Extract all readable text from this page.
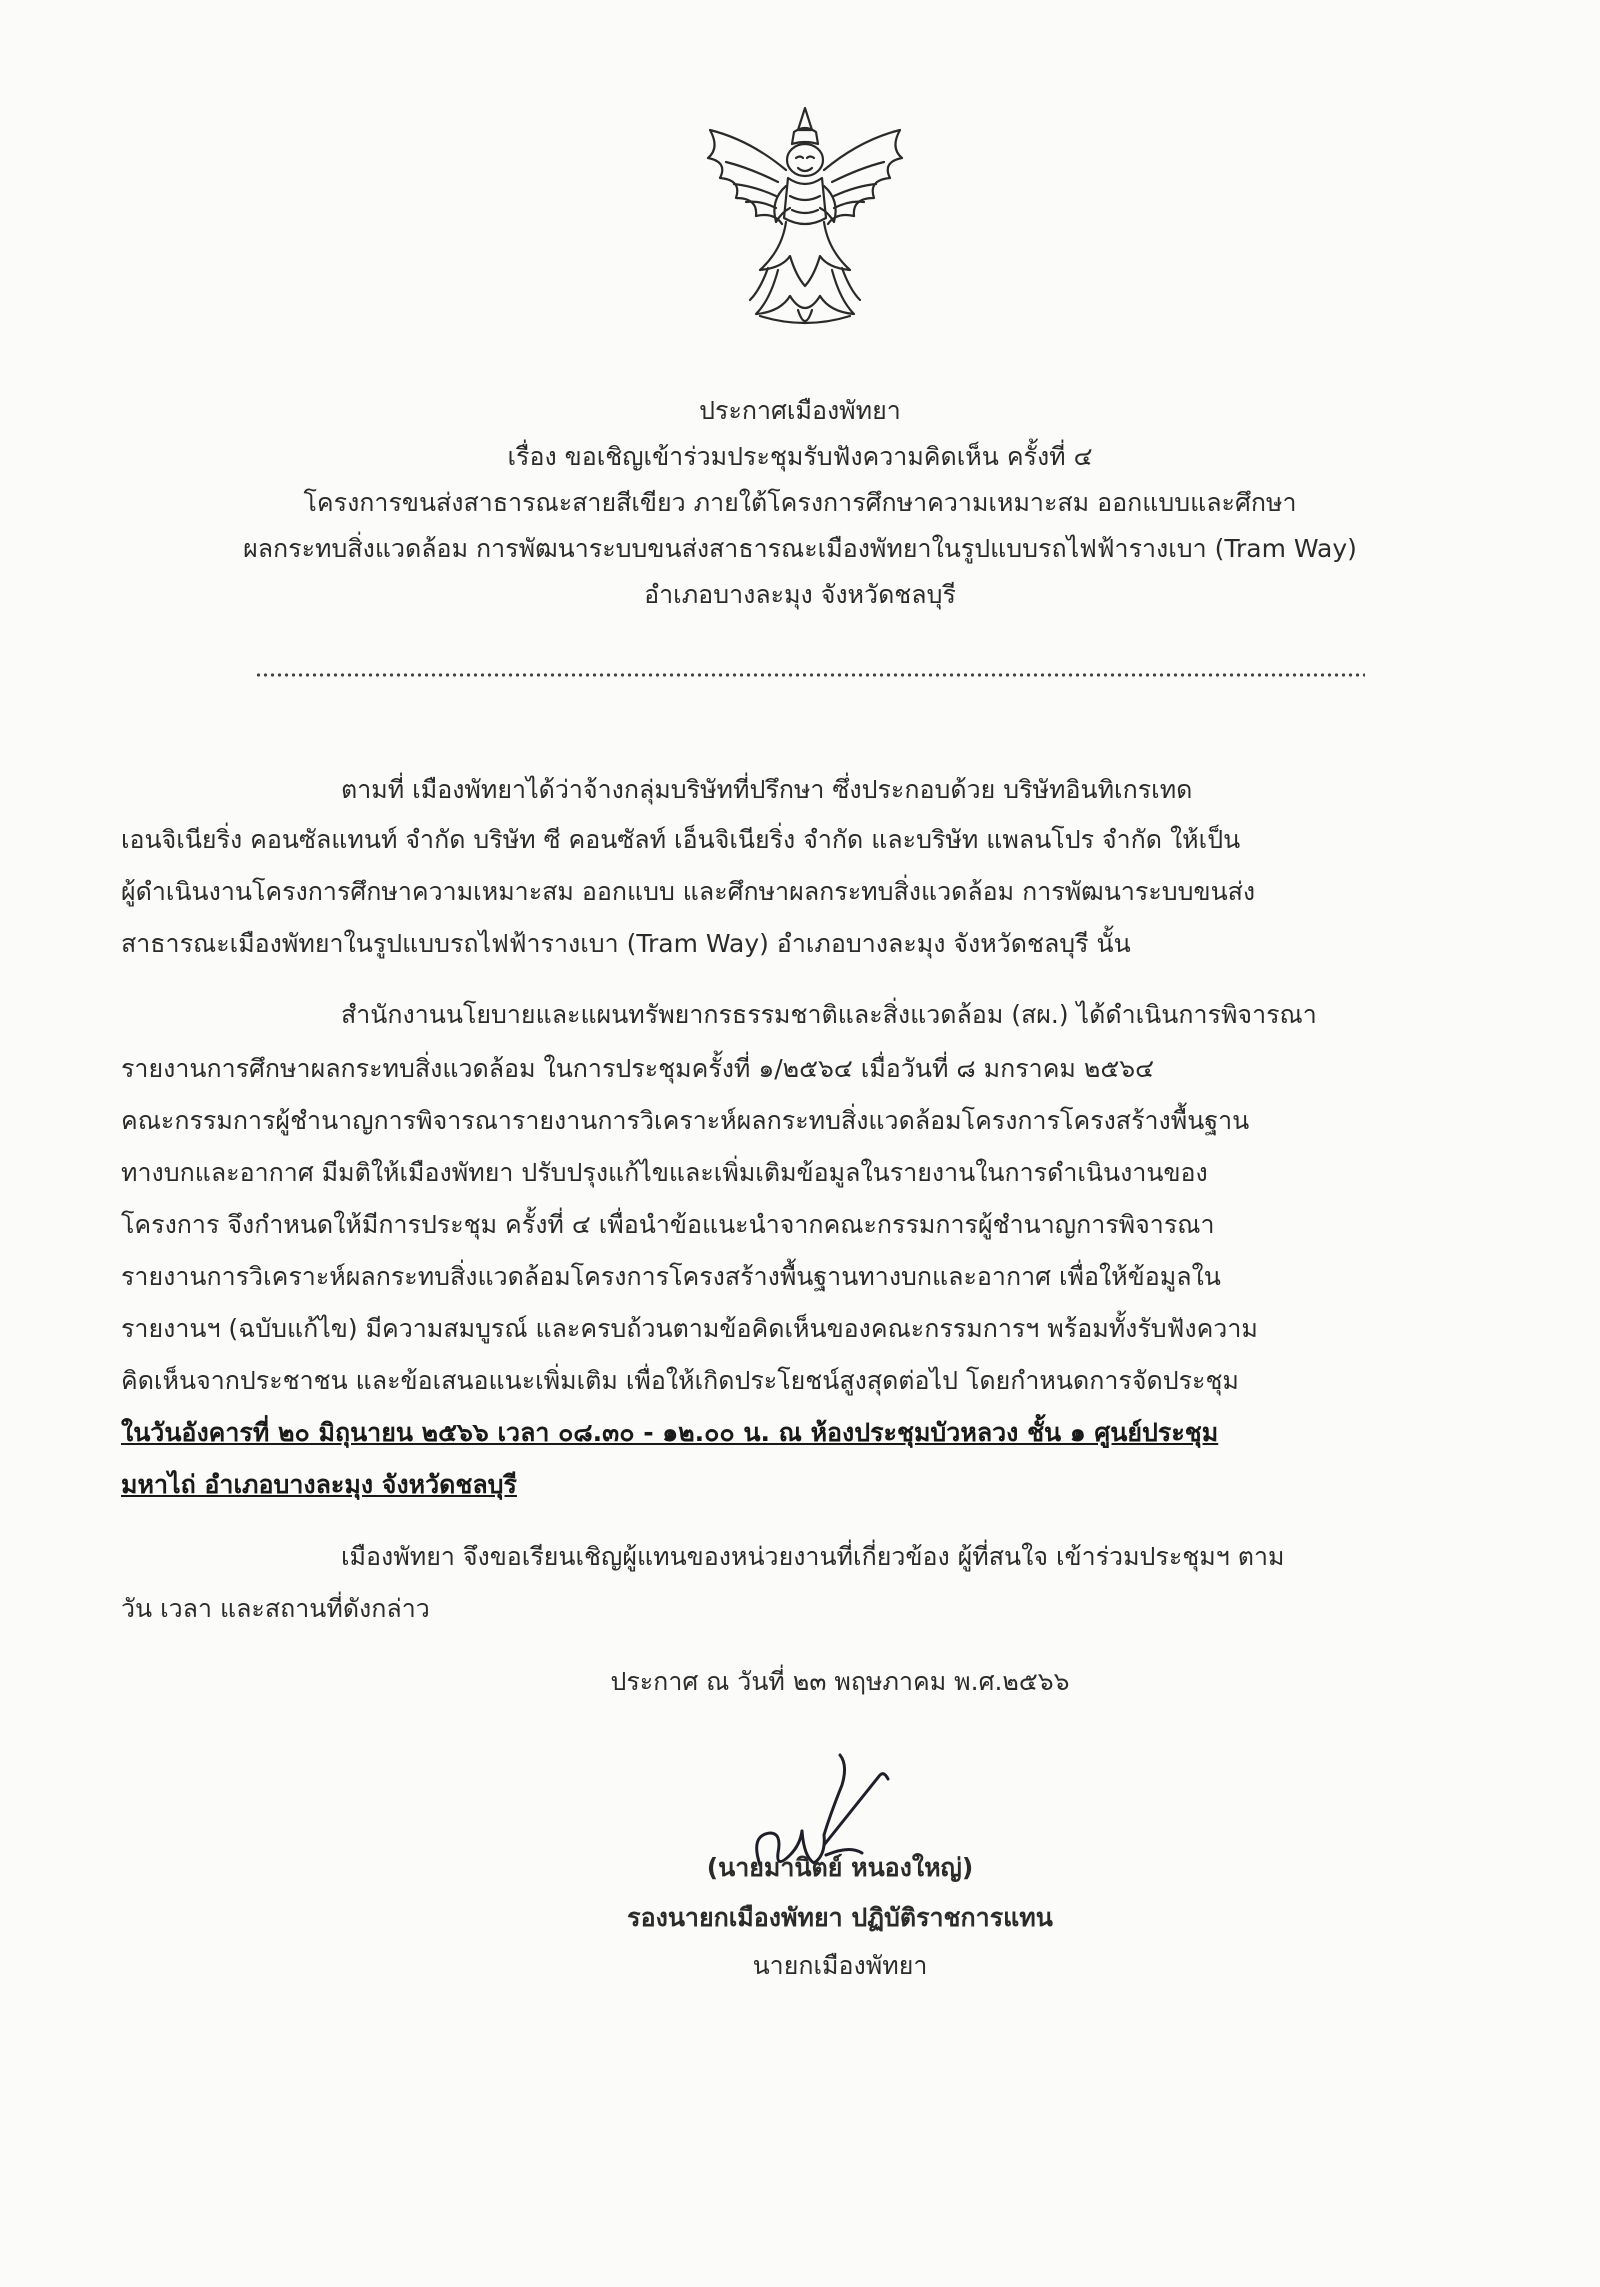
ประกาศเมืองพัทยา
เรื่อง ขอเชิญเข้าร่วมประชุมรับฟังความคิดเห็น ครั้งที่ ๔
โครงการขนส่งสาธารณะสายสีเขียว ภายใต้โครงการศึกษาความเหมาะสม ออกแบบและศึกษา
ผลกระทบสิ่งแวดล้อม การพัฒนาระบบขนส่งสาธารณะเมืองพัทยาในรูปแบบรถไฟฟ้ารางเบา (Tram Way)
อำเภอบางละมุง จังหวัดชลบุรี
ตามที่ เมืองพัทยาได้ว่าจ้างกลุ่มบริษัทที่ปรึกษา ซึ่งประกอบด้วย บริษัทอินทิเกรเทด
เอนจิเนียริ่ง คอนซัลแทนท์ จำกัด บริษัท ซี คอนซัลท์ เอ็นจิเนียริ่ง จำกัด และบริษัท แพลนโปร จำกัด ให้เป็น
ผู้ดำเนินงานโครงการศึกษาความเหมาะสม ออกแบบ และศึกษาผลกระทบสิ่งแวดล้อม การพัฒนาระบบขนส่ง
สาธารณะเมืองพัทยาในรูปแบบรถไฟฟ้ารางเบา (Tram Way) อำเภอบางละมุง จังหวัดชลบุรี นั้น
สำนักงานนโยบายและแผนทรัพยากรธรรมชาติและสิ่งแวดล้อม (สผ.) ได้ดำเนินการพิจารณา
รายงานการศึกษาผลกระทบสิ่งแวดล้อม ในการประชุมครั้งที่ ๑/๒๕๖๔ เมื่อวันที่ ๘ มกราคม ๒๕๖๔
คณะกรรมการผู้ชำนาญการพิจารณารายงานการวิเคราะห์ผลกระทบสิ่งแวดล้อมโครงการโครงสร้างพื้นฐาน
ทางบกและอากาศ มีมติให้เมืองพัทยา ปรับปรุงแก้ไขและเพิ่มเติมข้อมูลในรายงานในการดำเนินงานของ
โครงการ จึงกำหนดให้มีการประชุม ครั้งที่ ๔ เพื่อนำข้อแนะนำจากคณะกรรมการผู้ชำนาญการพิจารณา
รายงานการวิเคราะห์ผลกระทบสิ่งแวดล้อมโครงการโครงสร้างพื้นฐานทางบกและอากาศ เพื่อให้ข้อมูลใน
รายงานฯ (ฉบับแก้ไข) มีความสมบูรณ์ และครบถ้วนตามข้อคิดเห็นของคณะกรรมการฯ พร้อมทั้งรับฟังความ
คิดเห็นจากประชาชน และข้อเสนอแนะเพิ่มเติม เพื่อให้เกิดประโยชน์สูงสุดต่อไป โดยกำหนดการจัดประชุม
ในวันอังคารที่ ๒๐ มิถุนายน ๒๕๖๖ เวลา ๐๘.๓๐ - ๑๒.๐๐ น. ณ ห้องประชุมบัวหลวง ชั้น ๑ ศูนย์ประชุม
มหาไถ่ อำเภอบางละมุง จังหวัดชลบุรี
เมืองพัทยา จึงขอเรียนเชิญผู้แทนของหน่วยงานที่เกี่ยวข้อง ผู้ที่สนใจ เข้าร่วมประชุมฯ ตาม
วัน เวลา และสถานที่ดังกล่าว
ประกาศ ณ วันที่ ๒๓ พฤษภาคม พ.ศ.๒๕๖๖
(นายมานิตย์ หนองใหญ่)
รองนายกเมืองพัทยา ปฏิบัติราชการแทน
นายกเมืองพัทยา
